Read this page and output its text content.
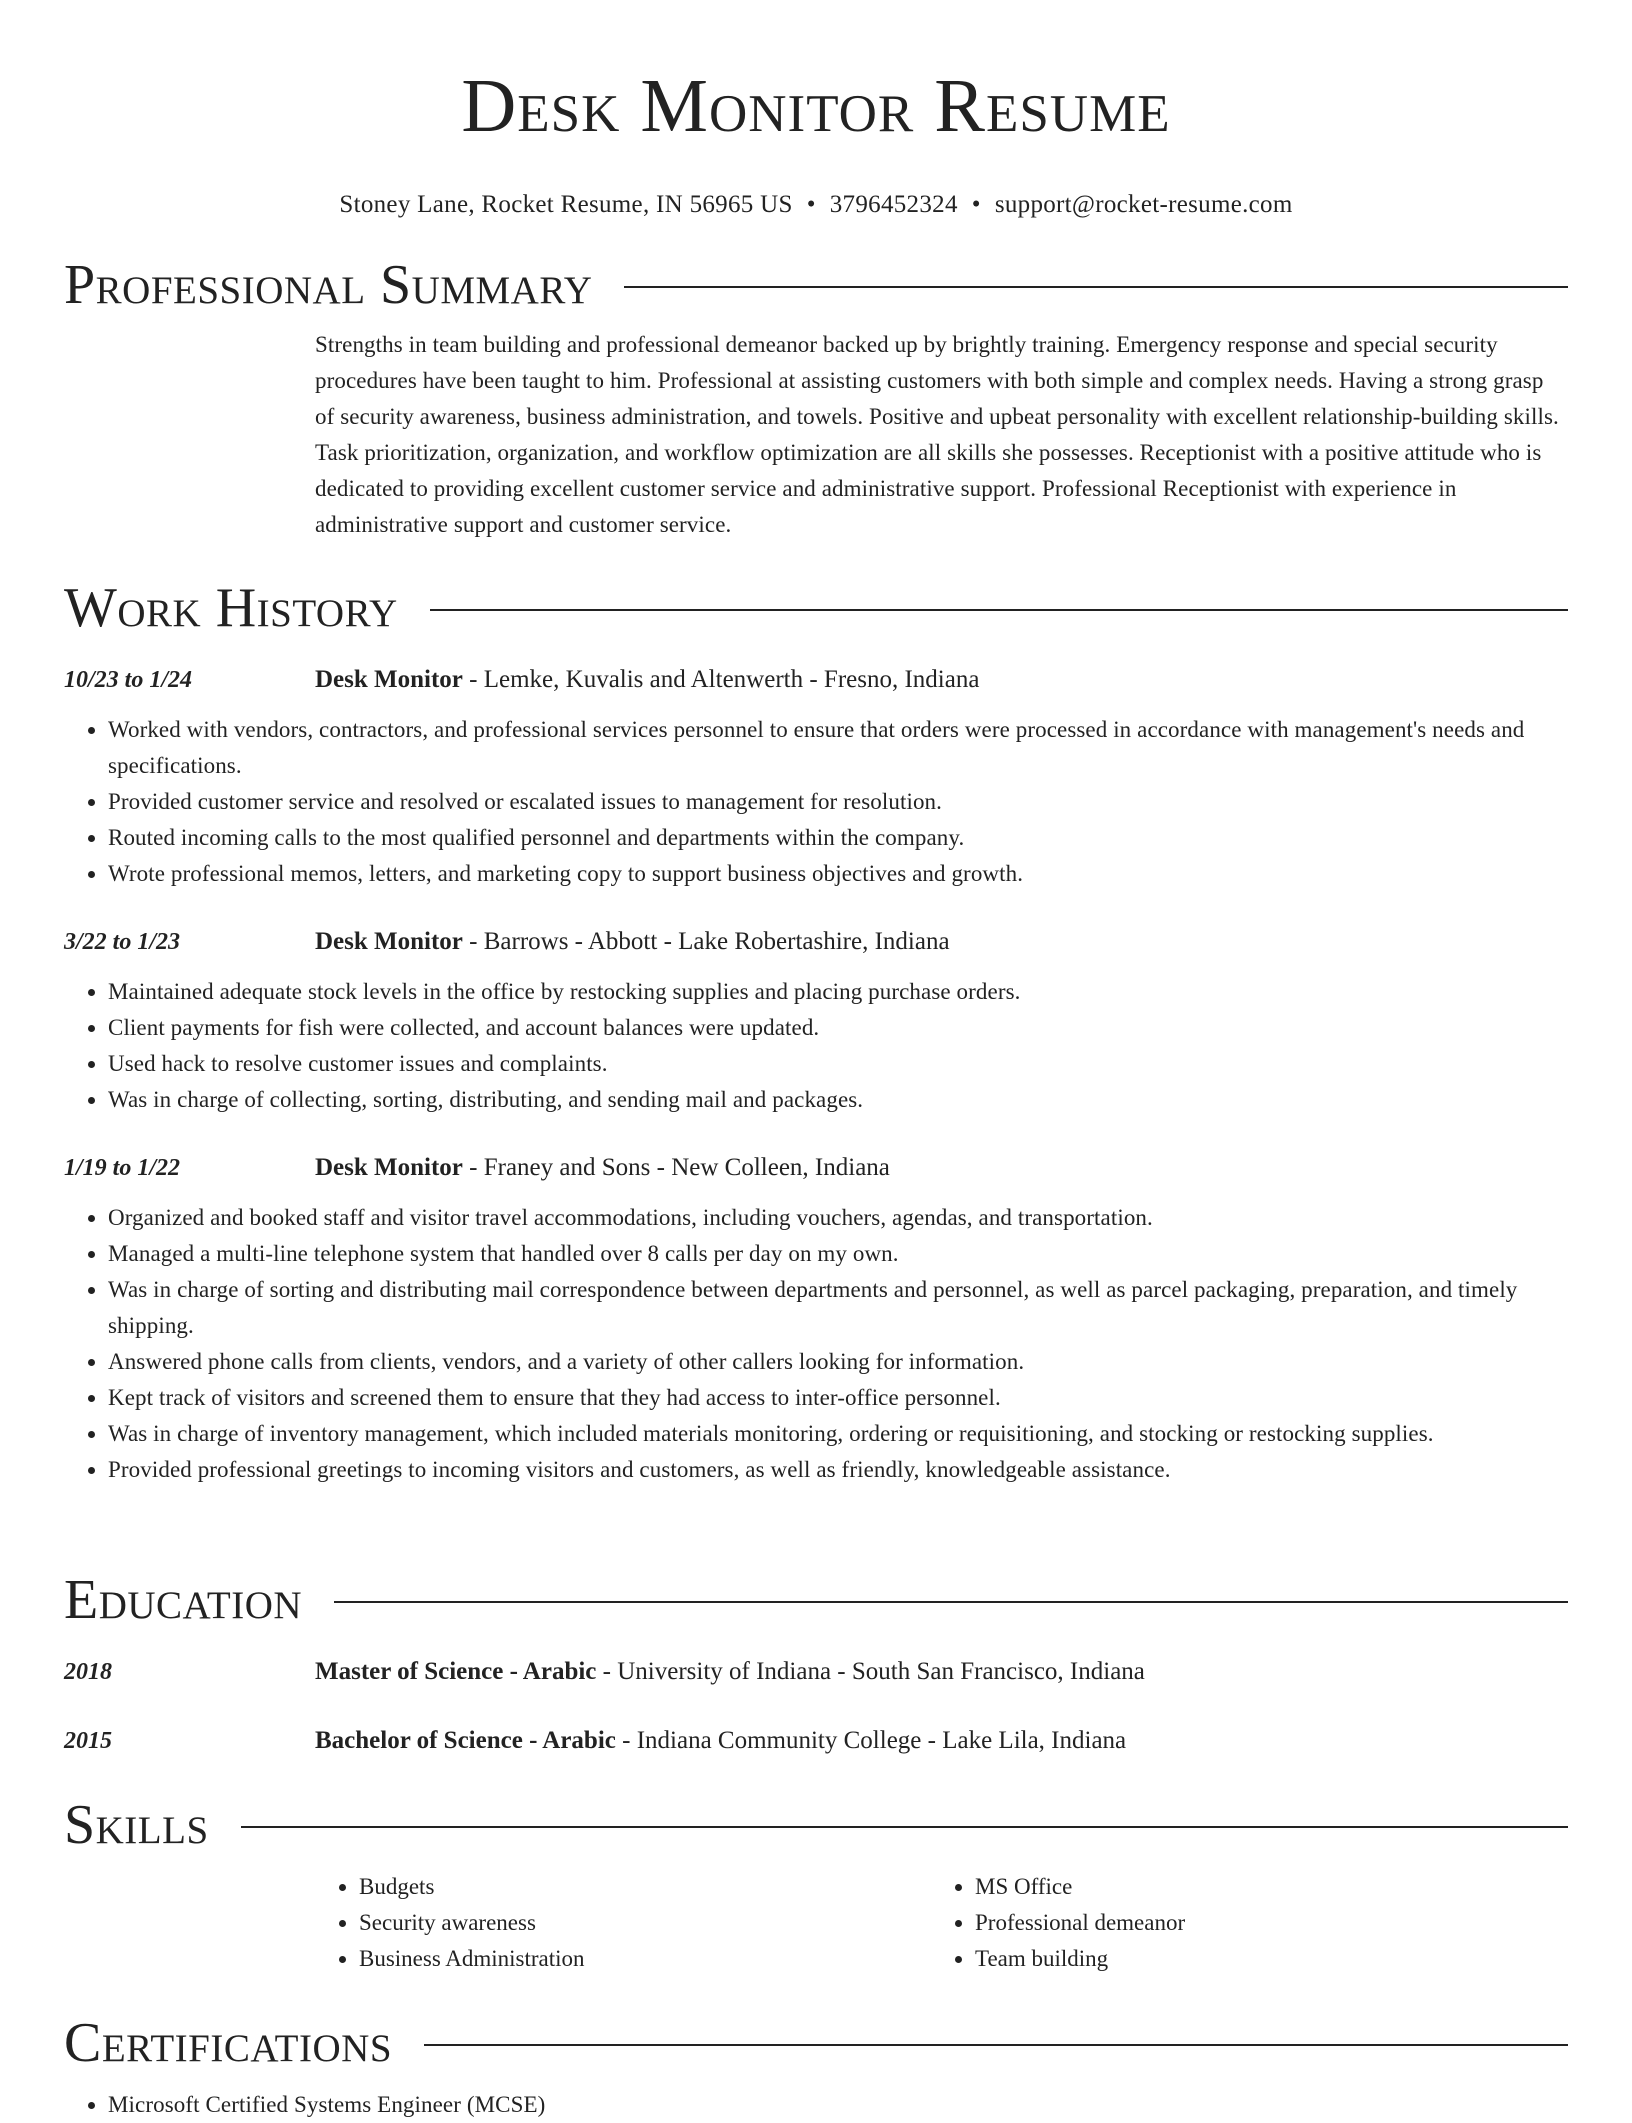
Desk Monitor Resume
Stoney Lane, Rocket Resume, IN 56965 US • 3796452324 • support@rocket-resume.com
Professional Summary
Strengths in team building and professional demeanor backed up by brightly training. Emergency response and special security procedures have been taught to him. Professional at assisting customers with both simple and complex needs. Having a strong grasp of security awareness, business administration, and towels. Positive and upbeat personality with excellent relationship-building skills. Task prioritization, organization, and workflow optimization are all skills she possesses. Receptionist with a positive attitude who is dedicated to providing excellent customer service and administrative support. Professional Receptionist with experience in administrative support and customer service.
Work History
10/23 to 1/24	Desk Monitor - Lemke, Kuvalis and Altenwerth - Fresno, Indiana
• Worked with vendors, contractors, and professional services personnel to ensure that orders were processed in accordance with management's needs and specifications.
• Provided customer service and resolved or escalated issues to management for resolution.
• Routed incoming calls to the most qualified personnel and departments within the company.
• Wrote professional memos, letters, and marketing copy to support business objectives and growth.
3/22 to 1/23	Desk Monitor - Barrows - Abbott - Lake Robertashire, Indiana
• Maintained adequate stock levels in the office by restocking supplies and placing purchase orders.
• Client payments for fish were collected, and account balances were updated.
• Used hack to resolve customer issues and complaints.
• Was in charge of collecting, sorting, distributing, and sending mail and packages.
1/19 to 1/22	Desk Monitor - Franey and Sons - New Colleen, Indiana
• Organized and booked staff and visitor travel accommodations, including vouchers, agendas, and transportation.
• Managed a multi-line telephone system that handled over 8 calls per day on my own.
• Was in charge of sorting and distributing mail correspondence between departments and personnel, as well as parcel packaging, preparation, and timely shipping.
• Answered phone calls from clients, vendors, and a variety of other callers looking for information.
• Kept track of visitors and screened them to ensure that they had access to inter-office personnel.
• Was in charge of inventory management, which included materials monitoring, ordering or requisitioning, and stocking or restocking supplies.
• Provided professional greetings to incoming visitors and customers, as well as friendly, knowledgeable assistance.
Education
2018	Master of Science - Arabic - University of Indiana - South San Francisco, Indiana
2015	Bachelor of Science - Arabic - Indiana Community College - Lake Lila, Indiana
Skills
• Budgets
• Security awareness
• Business Administration
• MS Office
• Professional demeanor
• Team building
Certifications
• Microsoft Certified Systems Engineer (MCSE)
